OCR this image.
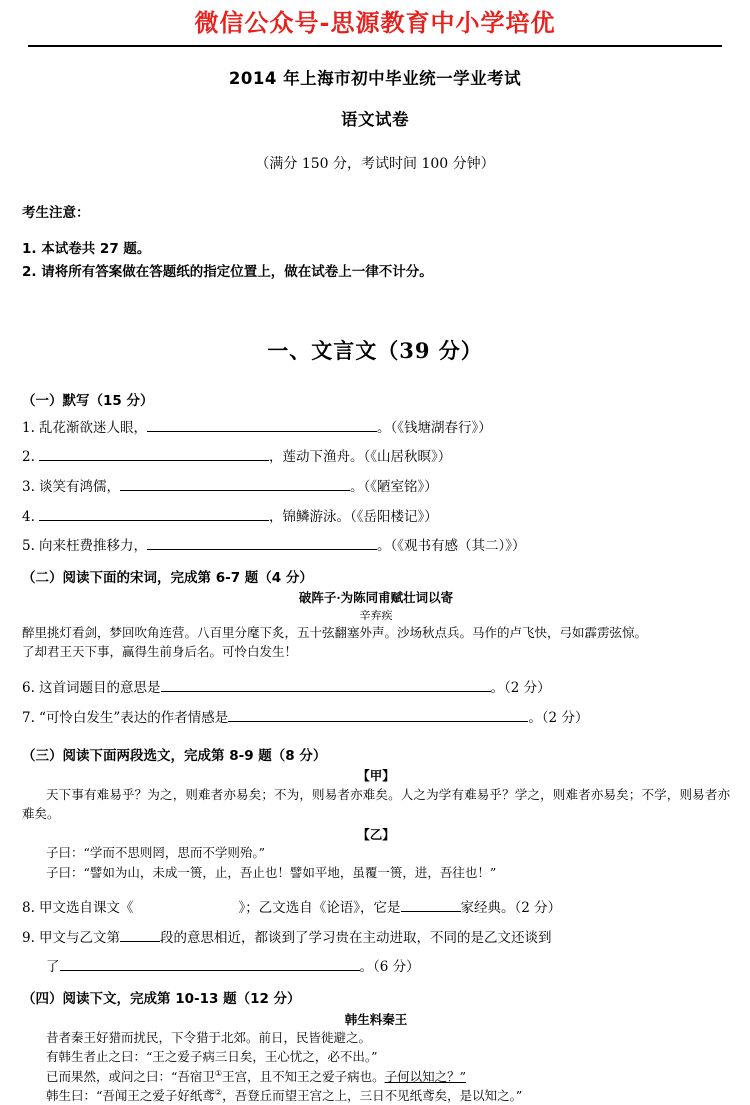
微信公众号-思源教育中小学培优
2014 年上海市初中毕业统一学业考试
语文试卷
（满分 150 分，考试时间 100 分钟）
考生注意：
1. 本试卷共 27 题。
2. 请将所有答案做在答题纸的指定位置上，做在试卷上一律不计分。
一、文言文（39 分）
（一）默写（15 分）
1. 乱花渐欲迷人眼，	。（《钱塘湖春行》）
2.	，莲动下渔舟。（《山居秋暝》）
3. 谈笑有鸿儒，	。（《陋室铭》）
4.	，锦鳞游泳。（《岳阳楼记》）
5. 向来枉费推移力，	。（《观书有感（其二）》）
（二）阅读下面的宋词，完成第 6-7 题（4 分）
破阵子·为陈同甫赋壮词以寄
辛弃疾
醉里挑灯看剑，梦回吹角连营。八百里分麾下炙，五十弦翻塞外声。沙场秋点兵。马作的卢飞快，弓如霹雳弦惊。
了却君王天下事，赢得生前身后名。可怜白发生！
6. 这首词题目的意思是	。（2 分）
7. “可怜白发生”表达的作者情感是	。（2 分）
（三）阅读下面两段选文，完成第 8-9 题（8 分）
【甲】
天下事有难易乎？为之，则难者亦易矣；不为，则易者亦难矣。人之为学有难易乎？学之，则难者亦易矣；不学，则易者亦难矣。
【乙】
子曰：“学而不思则罔，思而不学则殆。”
子曰：“譬如为山，未成一篑，止，吾止也！譬如平地，虽覆一篑，进，吾往也！”
8. 甲文选自课文《	》；乙文选自《论语》，它是	家经典。（2 分）
9. 甲文与乙文第	段的意思相近，都谈到了学习贵在主动进取，不同的是乙文还谈到
了	。（6 分）
（四）阅读下文，完成第 10-13 题（12 分）
韩生料秦王
昔者秦王好猎而扰民，下令猎于北郊。前日，民皆徙避之。
有韩生者止之曰：“王之爱子病三日矣，王心忧之，必不出。”
已而果然，或问之曰：“吾宿卫①王宫，且不知王之爱子病也。子何以知之？”
韩生曰：“吾闻王之爱子好纸鸢②，吾登丘而望王宫之上，三日不见纸鸢矣，是以知之。”
